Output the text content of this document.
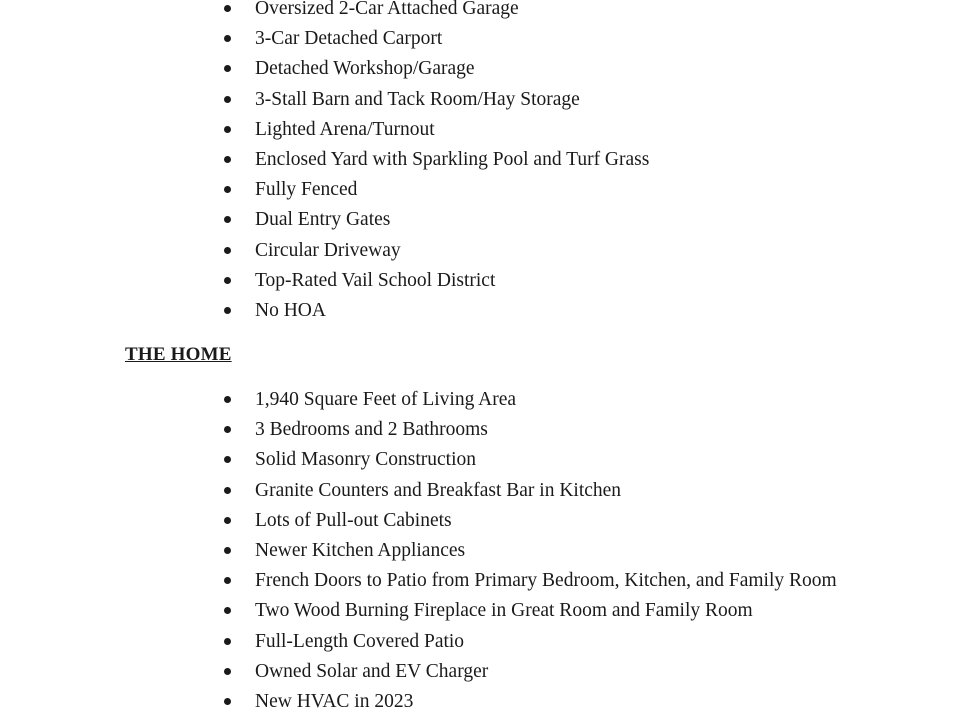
Oversized 2-Car Attached Garage
3-Car Detached Carport
Detached Workshop/Garage
3-Stall Barn and Tack Room/Hay Storage
Lighted Arena/Turnout
Enclosed Yard with Sparkling Pool and Turf Grass
Fully Fenced
Dual Entry Gates
Circular Driveway
Top-Rated Vail School District
No HOA
THE HOME
1,940 Square Feet of Living Area
3 Bedrooms and 2 Bathrooms
Solid Masonry Construction
Granite Counters and Breakfast Bar in Kitchen
Lots of Pull-out Cabinets
Newer Kitchen Appliances
French Doors to Patio from Primary Bedroom, Kitchen, and Family Room
Two Wood Burning Fireplace in Great Room and Family Room
Full-Length Covered Patio
Owned Solar and EV Charger
New HVAC in 2023
